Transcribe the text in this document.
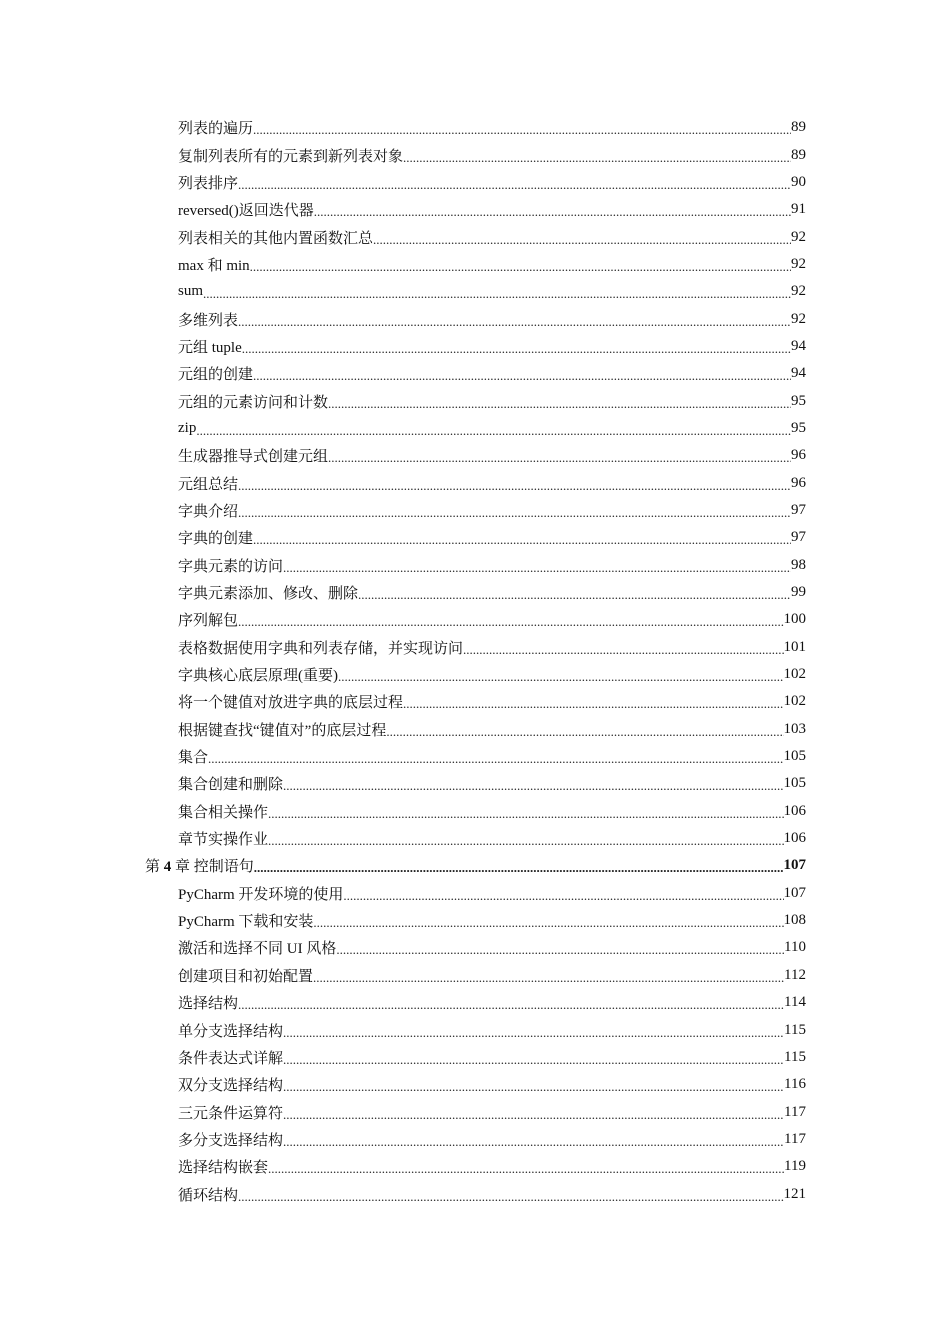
列表的遍历 .....	89
复制列表所有的元素到新列表对象 .....	89
列表排序 .....	90
reversed()返回迭代器 .....	91
列表相关的其他内置函数汇总 .....	92
max 和 min .....	92
sum .....	92
多维列表 .....	92
元组 tuple .....	94
元组的创建 .....	94
元组的元素访问和计数 .....	95
zip .....	95
生成器推导式创建元组 .....	96
元组总结 .....	96
字典介绍 .....	97
字典的创建 .....	97
字典元素的访问 .....	98
字典元素添加、修改、删除 .....	99
序列解包 .....	100
表格数据使用字典和列表存储，并实现访问 .....	101
字典核心底层原理(重要) .....	102
将一个键值对放进字典的底层过程 .....	102
根据键查找“键值对”的底层过程 .....	103
集合 .....	105
集合创建和删除 .....	105
集合相关操作 .....	106
章节实操作业 .....	106
第 4 章 控制语句 .....	107
PyCharm 开发环境的使用 .....	107
PyCharm 下载和安装 .....	108
激活和选择不同 UI 风格 .....	110
创建项目和初始配置 .....	112
选择结构 .....	114
单分支选择结构 .....	115
条件表达式详解 .....	115
双分支选择结构 .....	116
三元条件运算符 .....	117
多分支选择结构 .....	117
选择结构嵌套 .....	119
循环结构 .....	121
